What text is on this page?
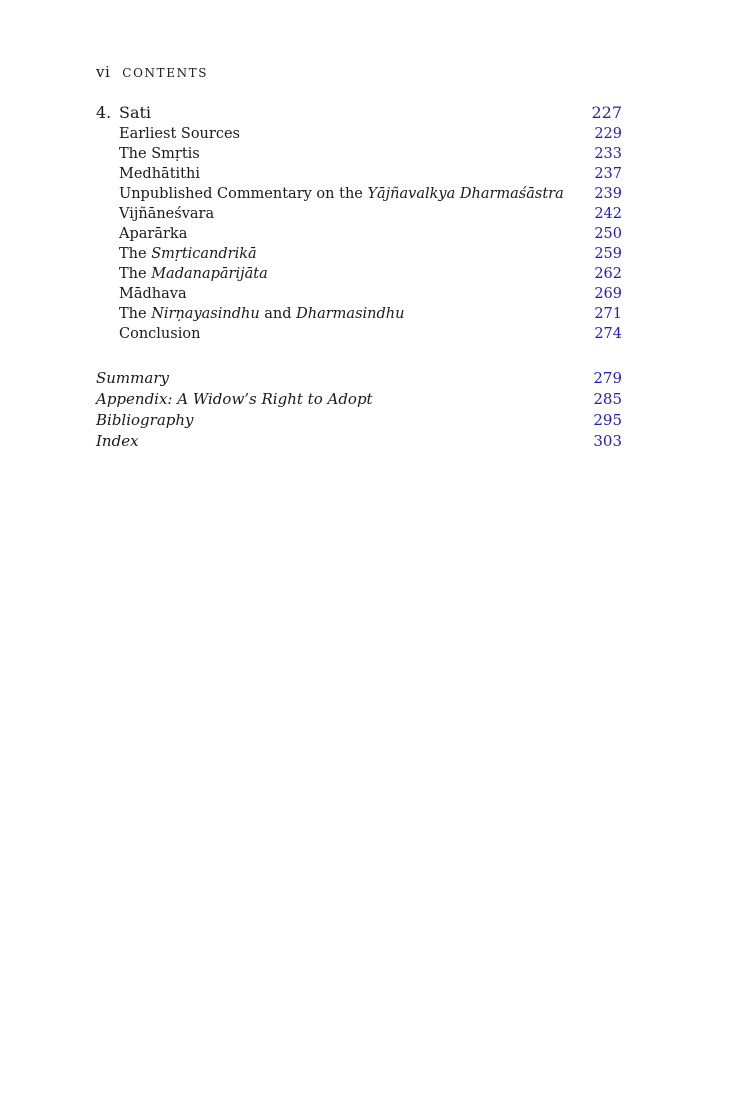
vi CONTENTS
4. Sati	227
Earliest Sources	229
The Smṛtis	233
Medhātithi	237
Unpublished Commentary on the Yājñavalkya Dharmaśāstra 239
Vijñāneśvara	242
Aparārka	250
The Smṛticandrikā	259
The Madanapārijāta	262
Mādhava	269
The Nirṇayasindhu and Dharmasindhu	271
Conclusion	274
Summary	279
Appendix: A Widow’s Right to Adopt	285
Bibliography	295
Index	303
